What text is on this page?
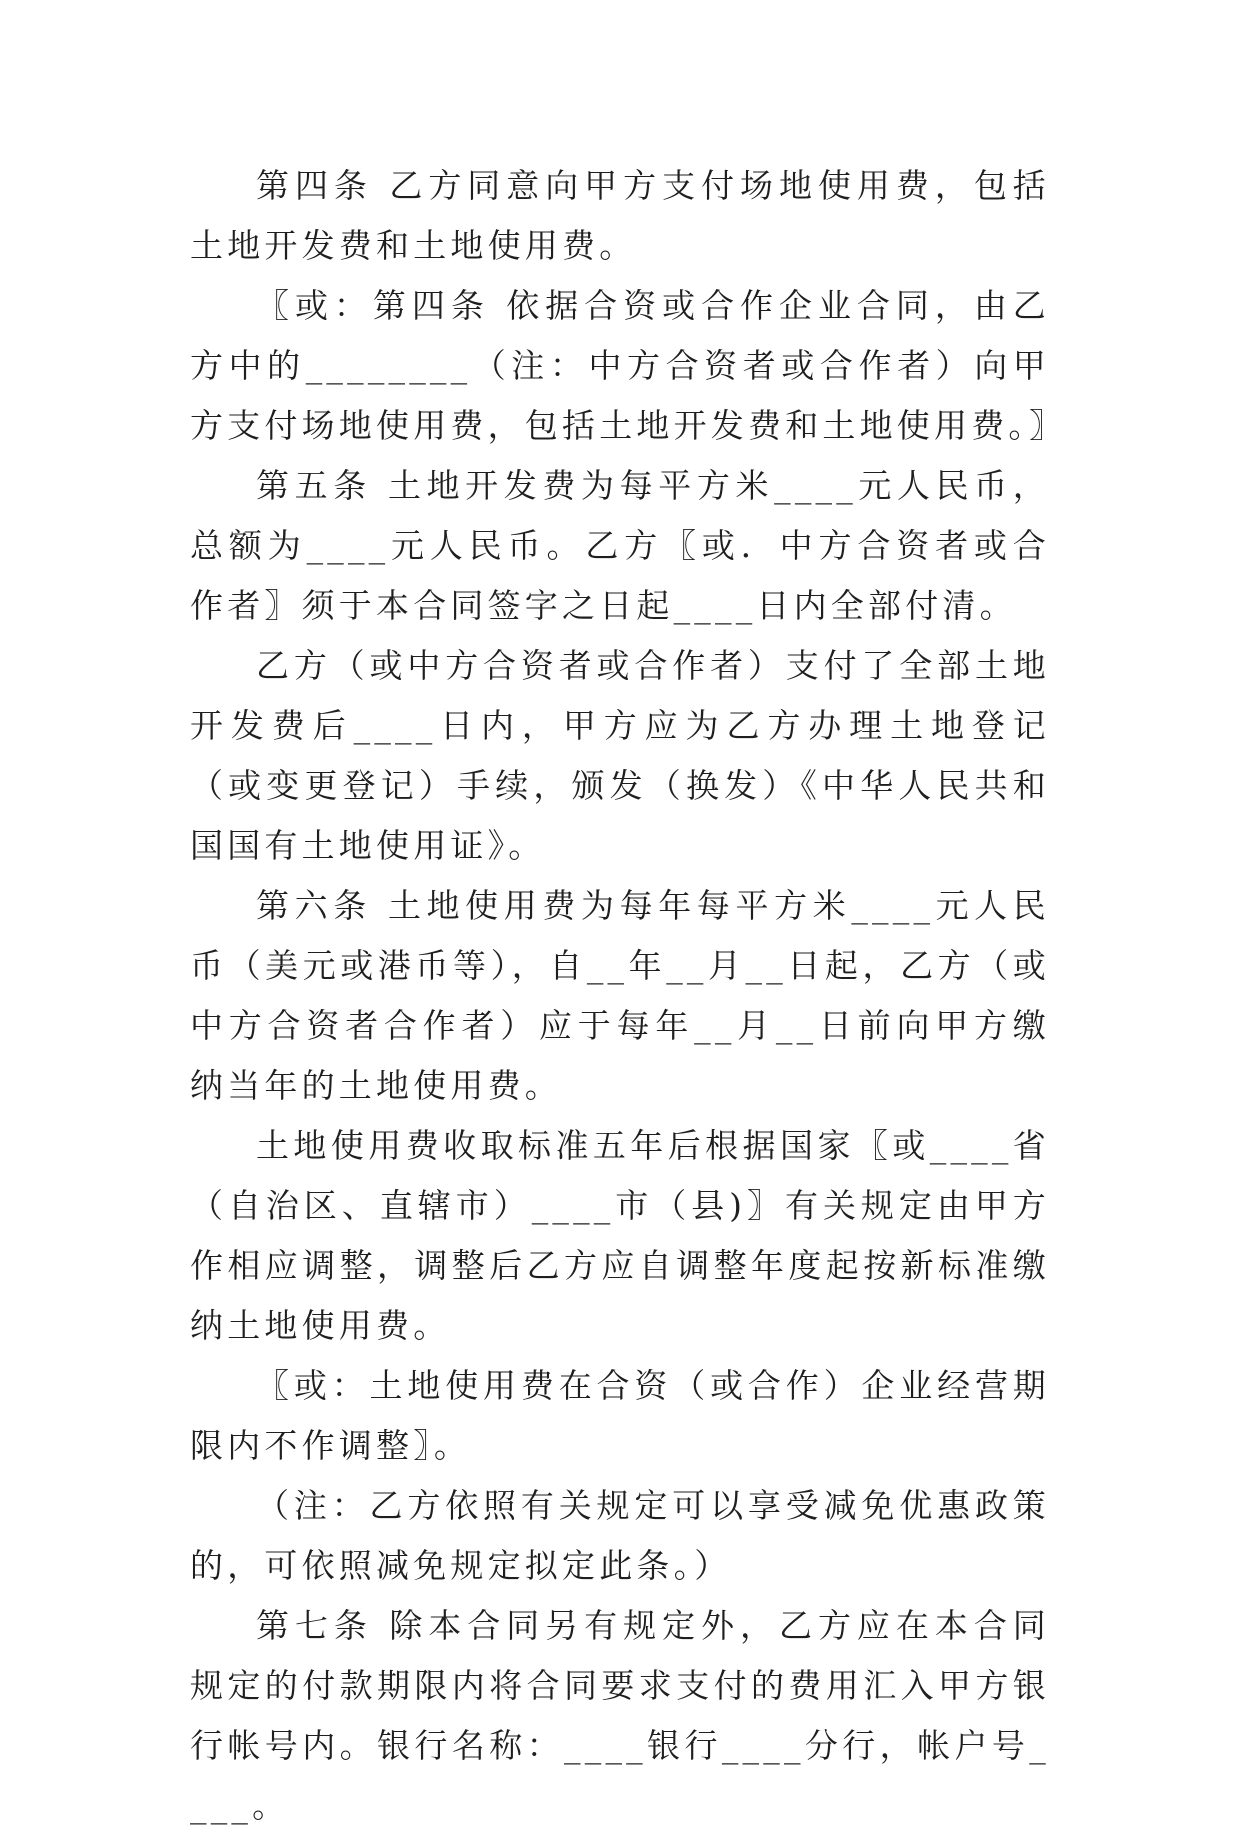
第四条 乙方同意向甲方支付场地使用费，包括土地开发费和土地使用费。

〖或：第四条 依据合资或合作企业合同，由乙方中的________（注：中方合资者或合作者）向甲方支付场地使用费，包括土地开发费和土地使用费。〗

第五条 土地开发费为每平方米____元人民币，总额为____元人民币。乙方〖或．中方合资者或合作者〗须于本合同签字之日起____日内全部付清。

乙方（或中方合资者或合作者）支付了全部土地开发费后____日内，甲方应为乙方办理土地登记（或变更登记）手续，颁发（换发）《中华人民共和国国有土地使用证》。

第六条 土地使用费为每年每平方米____元人民币（美元或港币等），自__年__月__日起，乙方（或中方合资者合作者）应于每年__月__日前向甲方缴纳当年的土地使用费。

土地使用费收取标准五年后根据国家〖或____省（自治区、直辖市）____市（县)〗有关规定由甲方作相应调整，调整后乙方应自调整年度起按新标准缴纳土地使用费。

〖或：土地使用费在合资（或合作）企业经营期限内不作调整〗。

（注：乙方依照有关规定可以享受减免优惠政策的，可依照减免规定拟定此条。）

第七条 除本合同另有规定外，乙方应在本合同规定的付款期限内将合同要求支付的费用汇入甲方银行帐号内。银行名称：____银行____分行，帐户号____。
